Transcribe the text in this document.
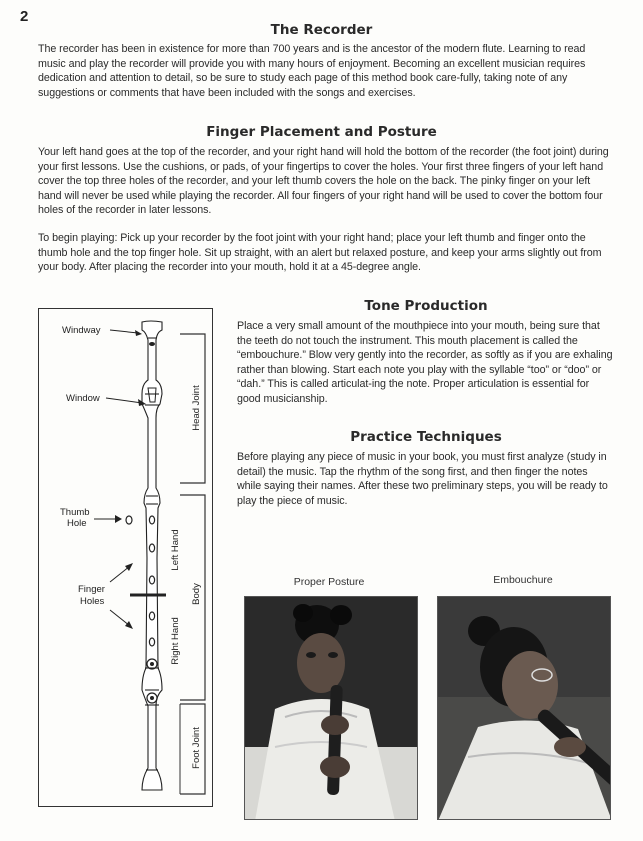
2
The Recorder

The recorder has been in existence for more than 700 years and is the ancestor of the modern flute. Learning to read music and play the recorder will provide you with many hours of enjoyment. Becoming an excellent musician requires dedication and attention to detail, so be sure to study each page of this method book care-fully, taking note of any suggestions or comments that have been included with the songs and exercises.

Finger Placement and Posture

Your left hand goes at the top of the recorder, and your right hand will hold the bottom of the recorder (the foot joint) during your first lessons. Use the cushions, or pads, of your fingertips to cover the holes. Your first three fingers of your left hand cover the top three holes of the recorder, and your left thumb covers the hole on the back. The pinky finger on your left hand will never be used while playing the recorder. All four fingers of your right hand will be used to cover the bottom four holes of the recorder in later lessons.

To begin playing: Pick up your recorder by the foot joint with your right hand; place your left thumb and finger onto the thumb hole and the top finger hole. Sit up straight, with an alert but relaxed posture, and keep your arms slightly out from your body. After placing the recorder into your mouth, hold it at a 45-degree angle.

Tone Production

Place a very small amount of the mouthpiece into your mouth, being sure that the teeth do not touch the instrument. This mouth placement is called the “embouchure.” Blow very gently into the recorder, as softly as if you are exhaling rather than blowing. Start each note you play with the syllable “too” or “doo” or “dah.” This is called articulat-ing the note. Proper articulation is essential for good musicianship.

Practice Techniques

Before playing any piece of music in your book, you must first analyze (study in detail) the music. Tap the rhythm of the song first, and then finger the notes while saying their names. After these two preliminary steps, you will be ready to play the piece of music.

Head Joint
Left Hand
Body
Right Hand
Foot Joint
Windway
Window
Thumb
Hole
Finger
Holes
Proper Posture	Embouchure
